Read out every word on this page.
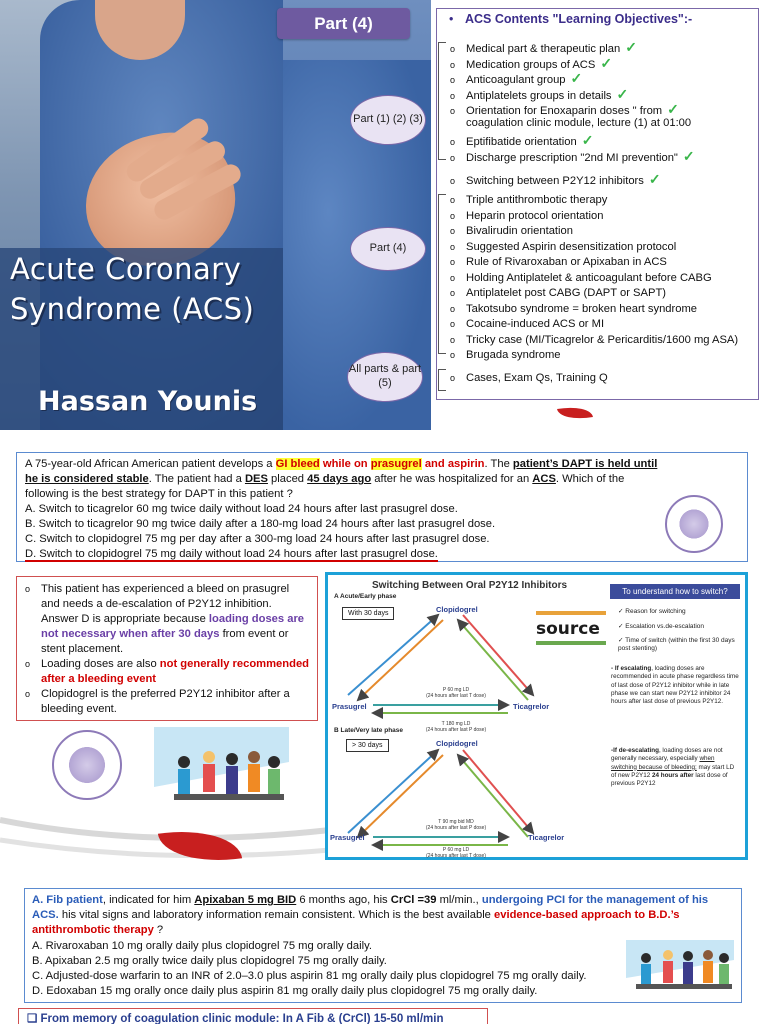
Acute Coronary
Syndrome (ACS)
Hassan Younis
Part (4)
Part (1) (2) (3)
Part (4)
All parts & part (5)
• ACS Contents "Learning Objectives":-
o Medical part & therapeutic plan ✓
o Medication groups of ACS ✓
o Anticoagulant group ✓
o Antiplatelets groups in details ✓
o Orientation for Enoxaparin doses " from ✓
coagulation clinic module, lecture (1) at 01:00
o Eptifibatide orientation ✓
o Discharge prescription "2nd MI prevention" ✓
o Switching between P2Y12 inhibitors ✓
o Triple antithrombotic therapy
o Heparin protocol orientation
o Bivalirudin orientation
o Suggested Aspirin desensitization protocol
o Rule of Rivaroxaban or Apixaban in ACS
o Holding Antiplatelet & anticoagulant before CABG
o Antiplatelet post CABG (DAPT or SAPT)
o Takotsubo syndrome = broken heart syndrome
o Cocaine-induced ACS or MI
o Tricky case (MI/Ticagrelor & Pericarditis/1600 mg ASA)
o Brugada syndrome
o Cases, Exam Qs, Training Q
A 75-year-old African American patient develops a GI bleed while on prasugrel and aspirin. The patient’s DAPT is held until he is considered stable. The patient had a DES placed 45 days ago after he was hospitalized for an ACS. Which of the following is the best strategy for DAPT in this patient ?
A. Switch to ticagrelor 60 mg twice daily without load 24 hours after last prasugrel dose.
B. Switch to ticagrelor 90 mg twice daily after a 180-mg load 24 hours after last prasugrel dose.
C. Switch to clopidogrel 75 mg per day after a 300-mg load 24 hours after last prasugrel dose.
D. Switch to clopidogrel 75 mg daily without load 24 hours after last prasugrel dose.
o This patient has experienced a bleed on prasugrel and needs a de-escalation of P2Y12 inhibition. Answer D is appropriate because loading doses are not necessary when after 30 days from event or stent placement.
o Loading doses are also not generally recommended after a bleeding event
o Clopidogrel is the preferred P2Y12 inhibitor after a bleeding event.
Switching Between Oral P2Y12 Inhibitors
A Acute/Early phase
With 30 days	Clopidogrel
Prasugrel	Ticagrelor
T 180 mg LD
(24 hours after last P dose)
P 60 mg LD
(24 hours after last T dose)
B Late/Very late phase
> 30 days	Clopidogrel
Prasugrel	Ticagrelor
T 90 mg bid MD
(24 hours after last P dose)
P 60 mg LD
(24 hours after last T dose)
source
To understand how to switch?
✓ Reason for switching
✓ Escalation vs.de-escalation
✓ Time of switch (within the first 30 days post stenting)
- If escalating, loading doses are recommended in acute phase regardless time of last dose of P2Y12 inhibitor while in late phase we can start new P2Y12 inhibitor 24 hours after last dose of previous P2Y12.
-If de-escalating, loading doses are not generally necessary, especially when switching because of bleeding; may start LD of new P2Y12 24 hours after last dose of previous P2Y12
A. Fib patient, indicated for him Apixaban 5 mg BID 6 months ago, his CrCl =39 ml/min., undergoing PCI for the management of his ACS. his vital signs and laboratory information remain consistent. Which is the best available evidence-based approach to B.D.’s antithrombotic therapy ?
A. Rivaroxaban 10 mg orally daily plus clopidogrel 75 mg orally daily.
B. Apixaban 2.5 mg orally twice daily plus clopidogrel 75 mg orally daily.
C. Adjusted-dose warfarin to an INR of 2.0–3.0 plus aspirin 81 mg orally daily plus clopidogrel 75 mg orally daily.
D. Edoxaban 15 mg orally once daily plus aspirin 81 mg orally daily plus clopidogrel 75 mg orally daily.
❑ From memory of coagulation clinic module: In A Fib & (CrCl) 15-50 ml/min
